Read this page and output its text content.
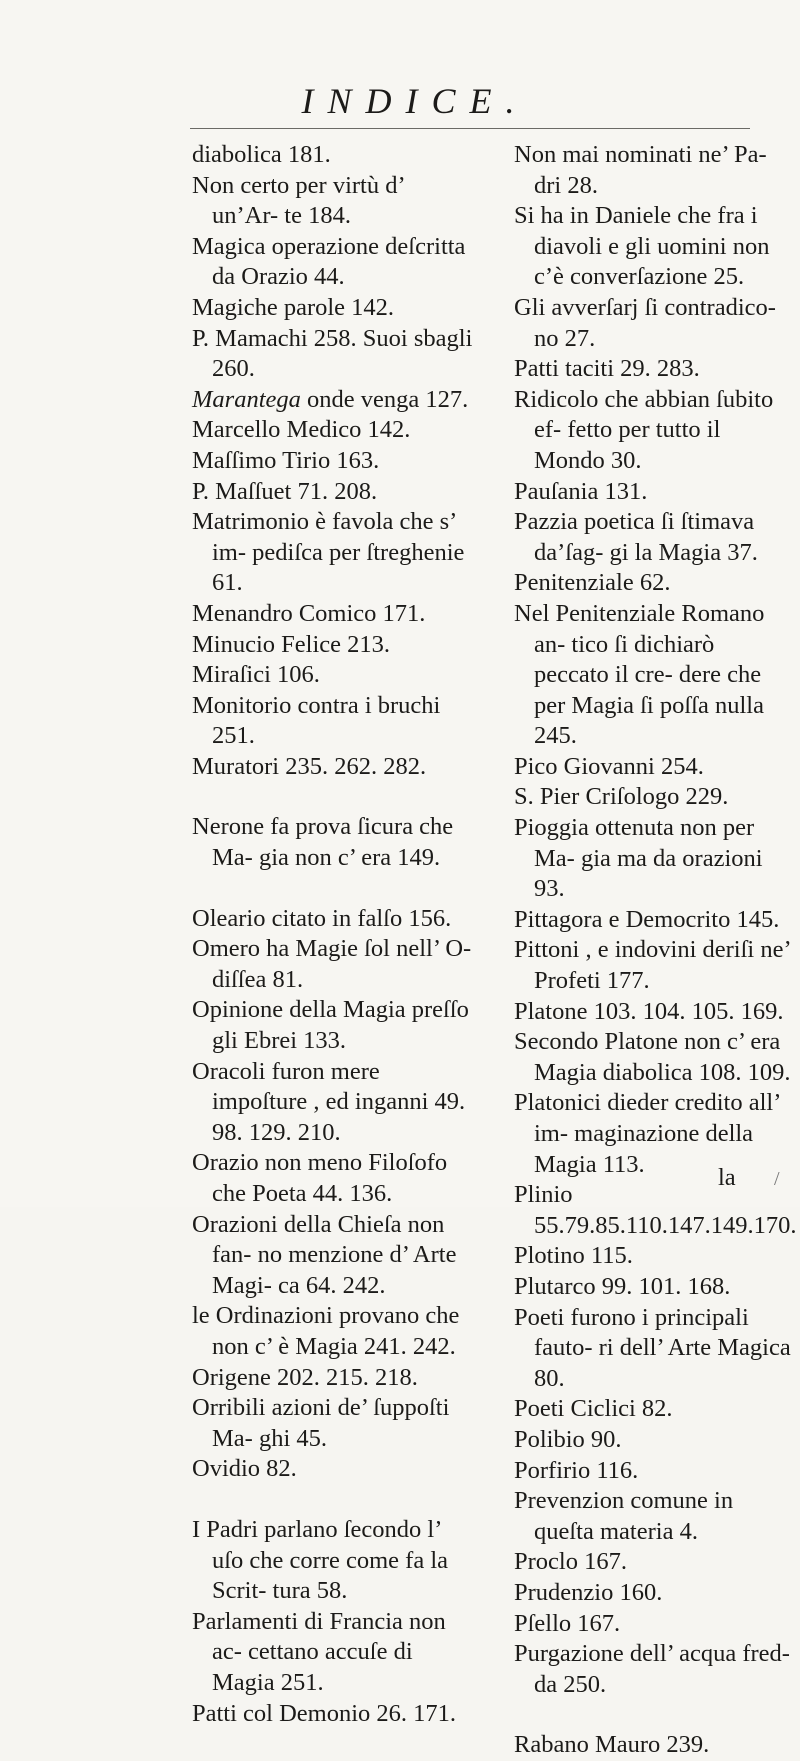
INDICE.

diabolica 181.

Non certo per virtù d’ un’Ar- te 184.

Magica operazione deſcritta da Orazio 44.

Magiche parole 142.

P. Mamachi 258. Suoi sbagli 260.

Marantega onde venga 127.

Marcello Medico 142.

Maſſimo Tirio 163.

P. Maſſuet 71. 208.

Matrimonio è favola che s’ im- pediſca per ſtreghenie 61.

Menandro Comico 171.

Minucio Felice 213.

Miraſici 106.

Monitorio contra i bruchi 251.

Muratori 235. 262. 282.

Nerone fa prova ſicura che Ma- gia non c’ era 149.

Oleario citato in falſo 156.

Omero ha Magie ſol nell’ O- diſſea 81.

Opinione della Magia preſſo gli Ebrei 133.

Oracoli furon mere impoſture , ed inganni 49. 98. 129. 210.

Orazio non meno Filoſofo che Poeta 44. 136.

Orazioni della Chieſa non fan- no menzione d’ Arte Magi- ca 64. 242.

le Ordinazioni provano che non c’ è Magia 241. 242.

Origene 202. 215. 218.

Orribili azioni de’ ſuppoſti Ma- ghi 45.

Ovidio 82.

I Padri parlano ſecondo l’ uſo che corre come fa la Scrit- tura 58.

Parlamenti di Francia non ac- cettano accuſe di Magia 251.

Patti col Demonio 26. 171.

Non mai nominati ne’ Pa- dri 28.

Si ha in Daniele che fra i diavoli e gli uomini non c’è converſazione 25.

Gli avverſarj ſi contradico- no 27.

Patti taciti 29. 283.

Ridicolo che abbian ſubito ef- fetto per tutto il Mondo 30.

Pauſania 131.

Pazzia poetica ſi ſtimava da’ſag- gi la Magia 37.

Penitenziale 62.

Nel Penitenziale Romano an- tico ſi dichiarò peccato il cre- dere che per Magia ſi poſſa nulla 245.

Pico Giovanni 254.

S. Pier Criſologo 229.

Pioggia ottenuta non per Ma- gia ma da orazioni 93.

Pittagora e Democrito 145.

Pittoni , e indovini deriſi ne’ Profeti 177.

Platone 103. 104. 105. 169.

Secondo Platone non c’ era Magia diabolica 108. 109.

Platonici dieder credito all’ im- maginazione della Magia 113.

Plinio 55.79.85.110.147.149.170.

Plotino 115.

Plutarco 99. 101. 168.

Poeti furono i principali fauto- ri dell’ Arte Magica 80.

Poeti Ciclici 82.

Polibio 90.

Porfirio 116.

Prevenzion comune in queſta materia 4.

Proclo 167.

Prudenzio 160.

Pſello 167.

Purgazione dell’ acqua fred- da 250.

Rabano Mauro 239.

la /
